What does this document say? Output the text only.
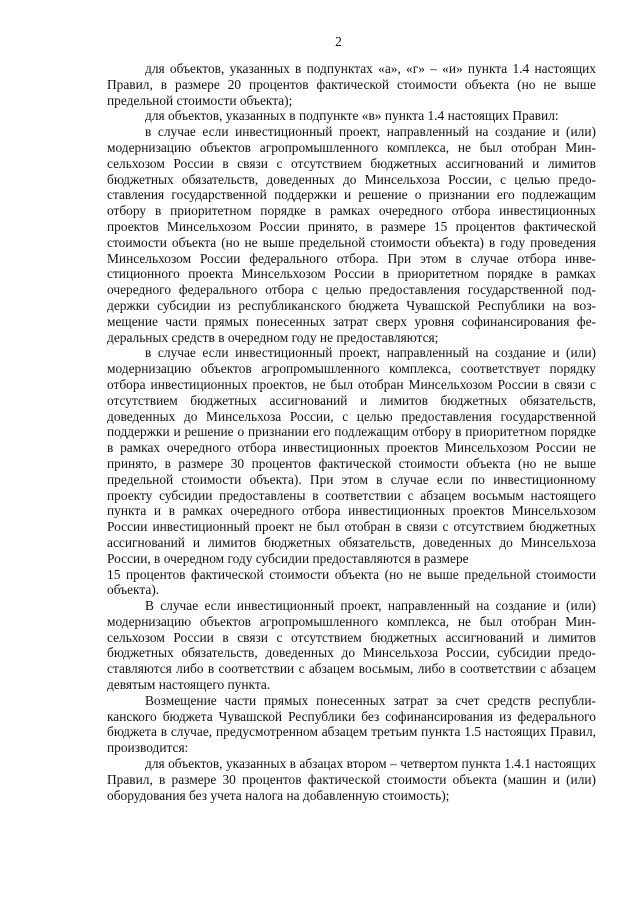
2

для объектов, указанных в подпунктах «а», «г» – «и» пункта 1.4 настоящих Правил, в размере 20 процентов фактической стоимости объекта (но не выше предельной стоимости объекта);

для объектов, указанных в подпункте «в» пункта 1.4 настоящих Правил:

в случае если инвестиционный проект, направленный на создание и (или) модернизацию объектов агропромышленного комплекса, не был отобран Минсельхозом России в связи с отсутствием бюджетных ассигнований и лимитов бюджетных обязательств, доведенных до Минсельхоза России, с целью предоставления государственной поддержки и решение о признании его подлежащим отбору в приоритетном порядке в рамках очередного отбора инвестиционных проектов Минсельхозом России принято, в размере 15 процентов фактической стоимости объекта (но не выше предельной стоимости объекта) в году проведения Минсельхозом России федерального отбора. При этом в случае отбора инвестиционного проекта Минсельхозом России в приоритетном порядке в рамках очередного федерального отбора с целью предоставления государственной поддержки субсидии из республиканского бюджета Чувашской Республики на возмещение части прямых понесенных затрат сверх уровня софинансирования федеральных средств в очередном году не предоставляются;

в случае если инвестиционный проект, направленный на создание и (или) модернизацию объектов агропромышленного комплекса, соответствует порядку отбора инвестиционных проектов, не был отобран Минсельхозом России в связи с отсутствием бюджетных ассигнований и лимитов бюджетных обязательств, доведенных до Минсельхоза России, с целью предоставления государственной поддержки и решение о признании его подлежащим отбору в приоритетном порядке в рамках очередного отбора инвестиционных проектов Минсельхозом России не принято, в размере 30 процентов фактической стоимости объекта (но не выше предельной стоимости объекта). При этом в случае если по инвестиционному проекту субсидии предоставлены в соответствии с абзацем восьмым настоящего пункта и в рамках очередного отбора инвестиционных проектов Минсельхозом России инвестиционный проект не был отобран в связи с отсутствием бюджетных ассигнований и лимитов бюджетных обязательств, доведенных до Минсельхоза России, в очередном году субсидии предоставляются в размере

15 процентов фактической стоимости объекта (но не выше предельной стоимости объекта).

В случае если инвестиционный проект, направленный на создание и (или) модернизацию объектов агропромышленного комплекса, не был отобран Минсельхозом России в связи с отсутствием бюджетных ассигнований и лимитов бюджетных обязательств, доведенных до Минсельхоза России, субсидии предоставляются либо в соответствии с абзацем восьмым, либо в соответствии с абзацем девятым настоящего пункта.

Возмещение части прямых понесенных затрат за счет средств республиканского бюджета Чувашской Республики без софинансирования из федерального бюджета в случае, предусмотренном абзацем третьим пункта 1.5 настоящих Правил, производится:

для объектов, указанных в абзацах втором – четвертом пункта 1.4.1 настоящих Правил, в размере 30 процентов фактической стоимости объекта (машин и (или) оборудования без учета налога на добавленную стоимость);
